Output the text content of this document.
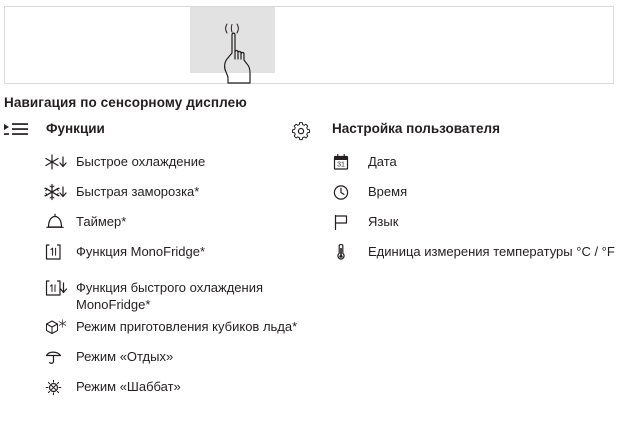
Навигация по сенсорному дисплею
Функции
Быстрое охлаждение
Быстрая заморозка*
Таймер*
Функция MonoFridge*
Функция быстрого охлаждения MonoFridge*
Режим приготовления кубиков льда*
Режим «Отдых»
Режим «Шаббат»
Настройка пользователя
31 Дата
Время
Язык
Единица измерения температуры °C / °F
